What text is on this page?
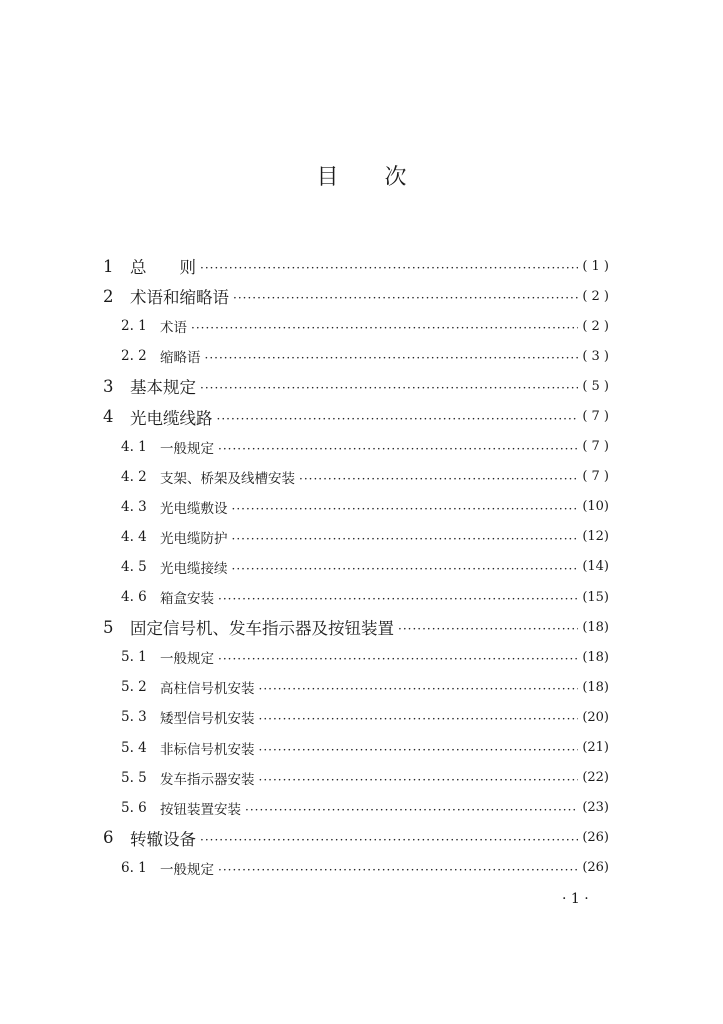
目次
1	总　　则 ·····	( 1 )
2	术语和缩略语 ·····	( 2 )
2. 1 术语 ·····	( 2 )
2. 2 缩略语 ·····	( 3 )
3	基本规定 ·····	( 5 )
4	光电缆线路 ·····	( 7 )
4. 1 一般规定 ·····	( 7 )
4. 2 支架、桥架及线槽安装 ·····	( 7 )
4. 3 光电缆敷设 ·····	(10)
4. 4 光电缆防护 ·····	(12)
4. 5 光电缆接续 ·····	(14)
4. 6 箱盒安装 ·····	(15)
5	固定信号机、发车指示器及按钮装置 ·····	(18)
5. 1 一般规定 ·····	(18)
5. 2 高柱信号机安装 ·····	(18)
5. 3 矮型信号机安装 ·····	(20)
5. 4 非标信号机安装 ·····	(21)
5. 5 发车指示器安装 ·····	(22)
5. 6 按钮装置安装 ·····	(23)
6	转辙设备 ·····	(26)
6. 1 一般规定 ·····	(26)
· 1 ·
